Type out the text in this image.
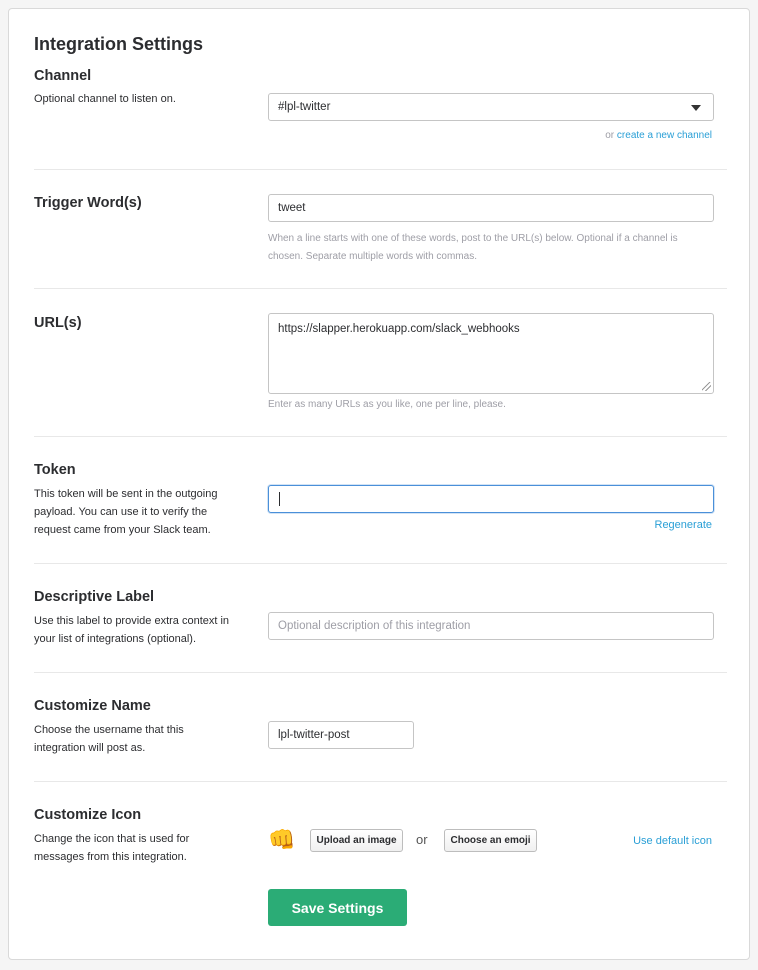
Integration Settings
Channel
Optional channel to listen on.
#lpl-twitter
or create a new channel
Trigger Word(s)	tweet
When a line starts with one of these words, post to the URL(s) below. Optional if a channel is
chosen. Separate multiple words with commas.
URL(s)	https://slapper.herokuapp.com/slack_webhooks
Enter as many URLs as you like, one per line, please.
Token
This token will be sent in the outgoing
payload. You can use it to verify the
request came from your Slack team.	Regenerate
Descriptive Label
Use this label to provide extra context in
your list of integrations (optional).
Optional description of this integration
Customize Name
Choose the username that this
integration will post as.
lpl-twitter-post
Customize Icon
Change the icon that is used for
messages from this integration.
👊	Upload an image	or	Choose an emoji	Use default icon
Save Settings
